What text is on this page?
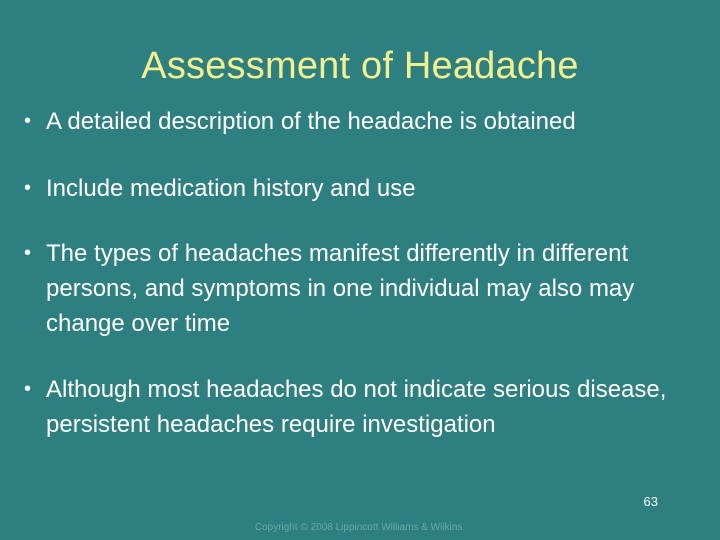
Assessment of Headache
• A detailed description of the headache is obtained
• Include medication history and use
• The types of headaches manifest differently in different persons, and symptoms in one individual may also may change over time
• Although most headaches do not indicate serious disease, persistent headaches require investigation
63
Copyright © 2008 Lippincott Williams & Wilkins.
